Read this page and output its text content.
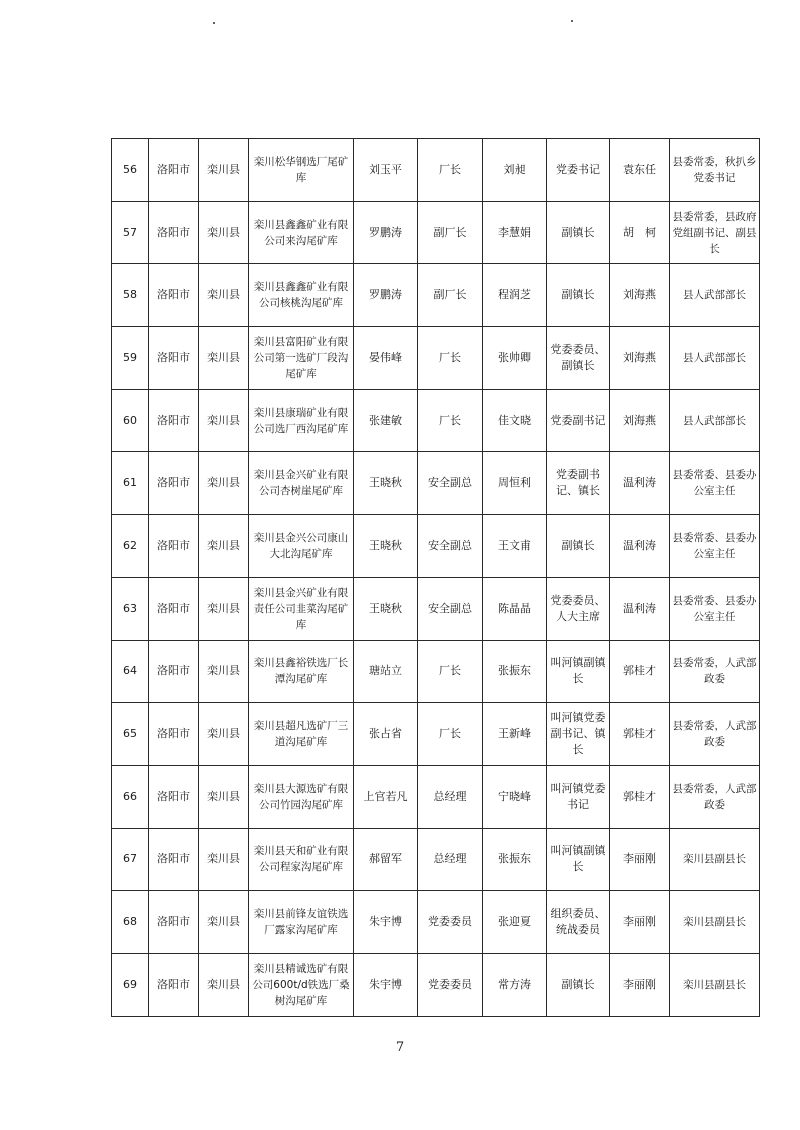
56	洛阳市	栾川县	栾川松华钢选厂尾矿库	刘玉平	厂长	刘昶	党委书记	袁东任	县委常委，秋扒乡党委书记
57	洛阳市	栾川县	栾川县鑫鑫矿业有限公司来沟尾矿库	罗鹏涛	副厂长	李慧娟	副镇长	胡　柯	县委常委，县政府党组副书记、副县长
58	洛阳市	栾川县	栾川县鑫鑫矿业有限公司核桃沟尾矿库	罗鹏涛	副厂长	程润芝	副镇长	刘海燕	县人武部部长
59	洛阳市	栾川县	栾川县富阳矿业有限公司第一选矿厂段沟尾矿库	晏伟峰	厂长	张帅卿	党委委员、副镇长	刘海燕	县人武部部长
60	洛阳市	栾川县	栾川县康瑞矿业有限公司选厂西沟尾矿库	张建敏	厂长	佳文晓	党委副书记	刘海燕	县人武部部长
61	洛阳市	栾川县	栾川县金兴矿业有限公司杏树崖尾矿库	王晓秋	安全副总	周恒利	党委副书记、镇长	温利涛	县委常委、县委办公室主任
62	洛阳市	栾川县	栾川县金兴公司康山大北沟尾矿库	王晓秋	安全副总	王文甫	副镇长	温利涛	县委常委、县委办公室主任
63	洛阳市	栾川县	栾川县金兴矿业有限责任公司韭菜沟尾矿库	王晓秋	安全副总	陈晶晶	党委委员、人大主席	温利涛	县委常委、县委办公室主任
64	洛阳市	栾川县	栾川县鑫裕铁选厂长潭沟尾矿库	瑭站立	厂长	张振东	叫河镇副镇长	郭桂才	县委常委，人武部政委
65	洛阳市	栾川县	栾川县超凡选矿厂三道沟尾矿库	张占省	厂长	王新峰	叫河镇党委副书记、镇长	郭桂才	县委常委，人武部政委
66	洛阳市	栾川县	栾川县大源选矿有限公司竹园沟尾矿库	上官若凡	总经理	宁晓峰	叫河镇党委书记	郭桂才	县委常委，人武部政委
67	洛阳市	栾川县	栾川县天和矿业有限公司程家沟尾矿库	郝留军	总经理	张振东	叫河镇副镇长	李丽刚	栾川县副县长
68	洛阳市	栾川县	栾川县前锋友谊铁选厂露家沟尾矿库	朱宇博	党委委员	张迎夏	组织委员、统战委员	李丽刚	栾川县副县长
69	洛阳市	栾川县	栾川县精诚选矿有限公司600t/d铁选厂桑树沟尾矿库	朱宇博	党委委员	常方涛	副镇长	李丽刚	栾川县副县长
7
